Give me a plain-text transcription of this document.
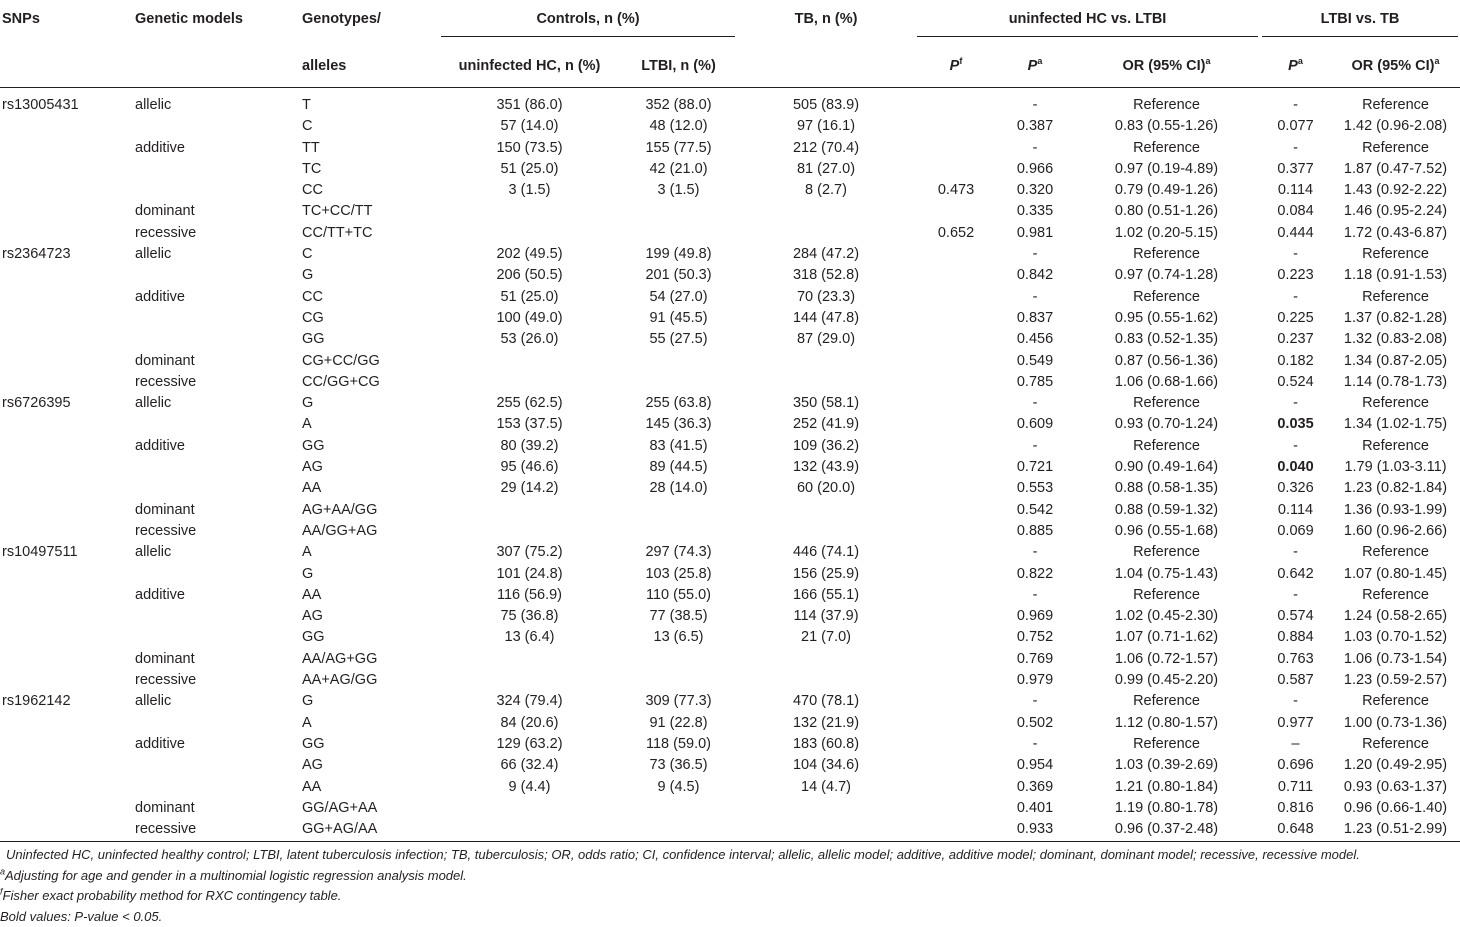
SNPs	Genetic models	Genotypes/	Controls, n (%)		TB, n (%)	uninfected HC vs. LTBI			LTBI vs. TB	

		alleles	uninfected HC, n (%)	LTBI, n (%)		$P^f$	$P^a$	OR (95% CI)$^a$	$P^a$	OR (95% CI)$^a$
rs13005431	allelic	T	351 (86.0)	352 (88.0)	505 (83.9)		-	Reference	-	Reference
		C	57 (14.0)	48 (12.0)	97 (16.1)		0.387	0.83 (0.55-1.26)	0.077	1.42 (0.96-2.08)
	additive	TT	150 (73.5)	155 (77.5)	212 (70.4)		-	Reference	-	Reference
		TC	51 (25.0)	42 (21.0)	81 (27.0)		0.966	0.97 (0.19-4.89)	0.377	1.87 (0.47-7.52)
		CC	3 (1.5)	3 (1.5)	8 (2.7)	0.473	0.320	0.79 (0.49-1.26)	0.114	1.43 (0.92-2.22)
	dominant	TC+CC/TT					0.335	0.80 (0.51-1.26)	0.084	1.46 (0.95-2.24)
	recessive	CC/TT+TC				0.652	0.981	1.02 (0.20-5.15)	0.444	1.72 (0.43-6.87)
rs2364723	allelic	C	202 (49.5)	199 (49.8)	284 (47.2)		-	Reference	-	Reference
		G	206 (50.5)	201 (50.3)	318 (52.8)		0.842	0.97 (0.74-1.28)	0.223	1.18 (0.91-1.53)
	additive	CC	51 (25.0)	54 (27.0)	70 (23.3)		-	Reference	-	Reference
		CG	100 (49.0)	91 (45.5)	144 (47.8)		0.837	0.95 (0.55-1.62)	0.225	1.37 (0.82-1.28)
		GG	53 (26.0)	55 (27.5)	87 (29.0)		0.456	0.83 (0.52-1.35)	0.237	1.32 (0.83-2.08)
	dominant	CG+CC/GG					0.549	0.87 (0.56-1.36)	0.182	1.34 (0.87-2.05)
	recessive	CC/GG+CG					0.785	1.06 (0.68-1.66)	0.524	1.14 (0.78-1.73)
rs6726395	allelic	G	255 (62.5)	255 (63.8)	350 (58.1)		-	Reference	-	Reference
		A	153 (37.5)	145 (36.3)	252 (41.9)		0.609	0.93 (0.70-1.24)	0.035	1.34 (1.02-1.75)
	additive	GG	80 (39.2)	83 (41.5)	109 (36.2)		-	Reference	-	Reference
		AG	95 (46.6)	89 (44.5)	132 (43.9)		0.721	0.90 (0.49-1.64)	0.040	1.79 (1.03-3.11)
		AA	29 (14.2)	28 (14.0)	60 (20.0)		0.553	0.88 (0.58-1.35)	0.326	1.23 (0.82-1.84)
	dominant	AG+AA/GG					0.542	0.88 (0.59-1.32)	0.114	1.36 (0.93-1.99)
	recessive	AA/GG+AG					0.885	0.96 (0.55-1.68)	0.069	1.60 (0.96-2.66)
rs10497511	allelic	A	307 (75.2)	297 (74.3)	446 (74.1)		-	Reference	-	Reference
		G	101 (24.8)	103 (25.8)	156 (25.9)		0.822	1.04 (0.75-1.43)	0.642	1.07 (0.80-1.45)
	additive	AA	116 (56.9)	110 (55.0)	166 (55.1)		-	Reference	-	Reference
		AG	75 (36.8)	77 (38.5)	114 (37.9)		0.969	1.02 (0.45-2.30)	0.574	1.24 (0.58-2.65)
		GG	13 (6.4)	13 (6.5)	21 (7.0)		0.752	1.07 (0.71-1.62)	0.884	1.03 (0.70-1.52)
	dominant	AA/AG+GG					0.769	1.06 (0.72-1.57)	0.763	1.06 (0.73-1.54)
	recessive	AA+AG/GG					0.979	0.99 (0.45-2.20)	0.587	1.23 (0.59-2.57)
rs1962142	allelic	G	324 (79.4)	309 (77.3)	470 (78.1)		-	Reference	-	Reference
		A	84 (20.6)	91 (22.8)	132 (21.9)		0.502	1.12 (0.80-1.57)	0.977	1.00 (0.73-1.36)
	additive	GG	129 (63.2)	118 (59.0)	183 (60.8)		-	Reference	–	Reference
		AG	66 (32.4)	73 (36.5)	104 (34.6)		0.954	1.03 (0.39-2.69)	0.696	1.20 (0.49-2.95)
		AA	9 (4.4)	9 (4.5)	14 (4.7)		0.369	1.21 (0.80-1.84)	0.711	0.93 (0.63-1.37)
	dominant	GG/AG+AA					0.401	1.19 (0.80-1.78)	0.816	0.96 (0.66-1.40)
	recessive	GG+AG/AA					0.933	0.96 (0.37-2.48)	0.648	1.23 (0.51-2.99)
Uninfected HC, uninfected healthy control; LTBI, latent tuberculosis infection; TB, tuberculosis; OR, odds ratio; CI, confidence interval; allelic, allelic model; additive, additive model; dominant, dominant model; recessive, recessive model.
$^a$Adjusting for age and gender in a multinomial logistic regression analysis model.
$^f$Fisher exact probability method for RXC contingency table.
Bold values: P-value < 0.05.
